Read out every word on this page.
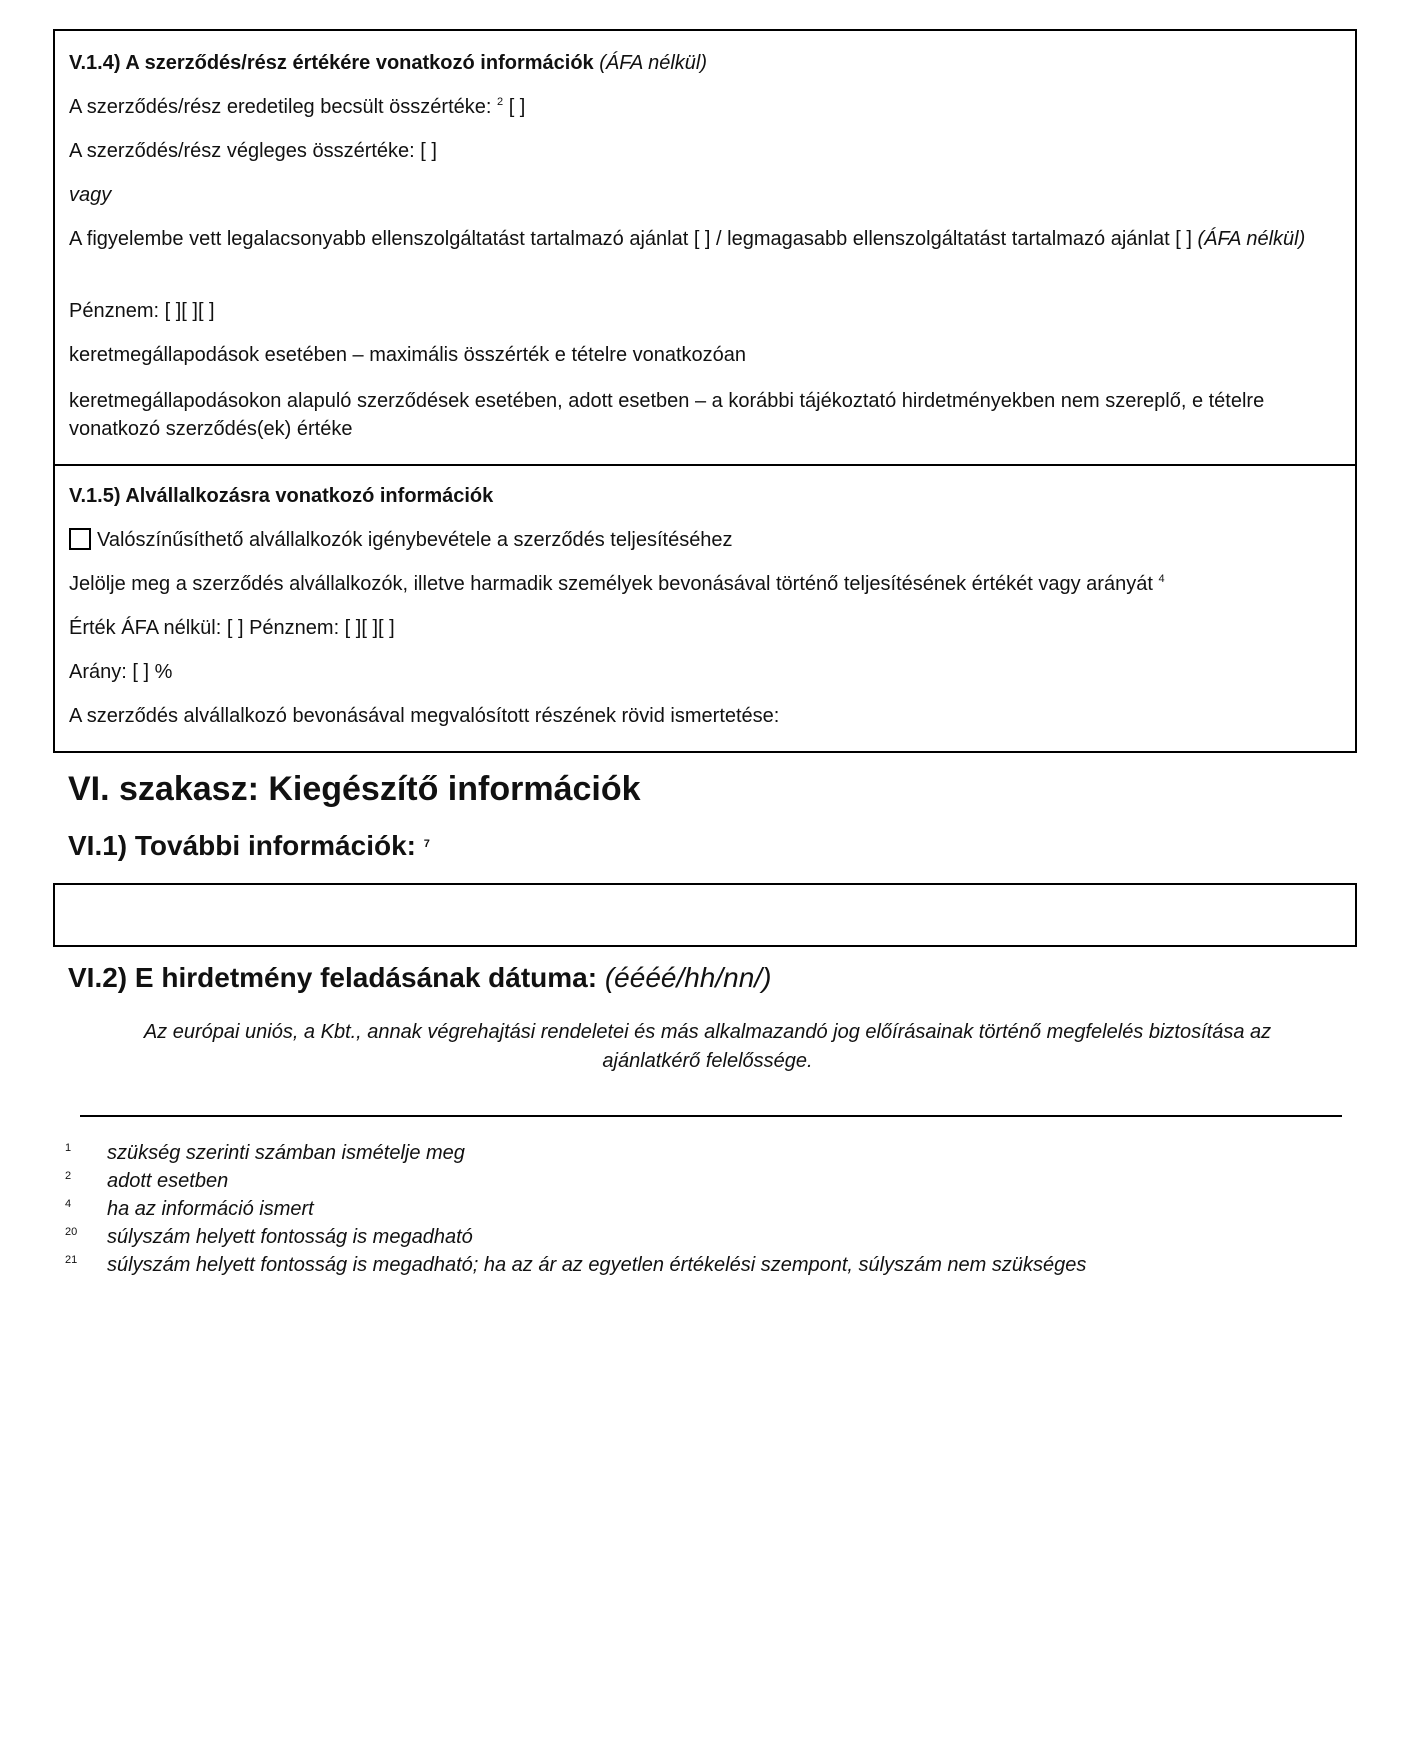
V.1.4) A szerződés/rész értékére vonatkozó információk (ÁFA nélkül)
A szerződés/rész eredetileg becsült összértéke: $^2$ [ ]
A szerződés/rész végleges összértéke: [ ]
vagy
A figyelembe vett legalacsonyabb ellenszolgáltatást tartalmazó ajánlat [ ] / legmagasabb ellenszolgáltatást tartalmazó ajánlat [ ] (ÁFA nélkül)
Pénznem: [ ][ ][ ]
keretmegállapodások esetében – maximális összérték e tételre vonatkozóan
keretmegállapodásokon alapuló szerződések esetében, adott esetben – a korábbi tájékoztató hirdetményekben nem szereplő, e tételre vonatkozó szerződés(ek) értéke
V.1.5) Alvállalkozásra vonatkozó információk
Valószínűsíthető alvállalkozók igénybevétele a szerződés teljesítéséhez
Jelölje meg a szerződés alvállalkozók, illetve harmadik személyek bevonásával történő teljesítésének értékét vagy arányát $^4$
Érték ÁFA nélkül: [ ] Pénznem: [ ][ ][ ]
Arány: [ ] %
A szerződés alvállalkozó bevonásával megvalósított részének rövid ismertetése:
VI. szakasz: Kiegészítő információk
VI.1) További információk: $^7$
VI.2) E hirdetmény feladásának dátuma: (éééé/hh/nn/)
Az európai uniós, a Kbt., annak végrehajtási rendeletei és más alkalmazandó jog előírásainak történő megfelelés biztosítása az ajánlatkérő felelőssége.
1 szükség szerinti számban ismételje meg
2 adott esetben
4 ha az információ ismert
20 súlyszám helyett fontosság is megadható
21 súlyszám helyett fontosság is megadható; ha az ár az egyetlen értékelési szempont, súlyszám nem szükséges
